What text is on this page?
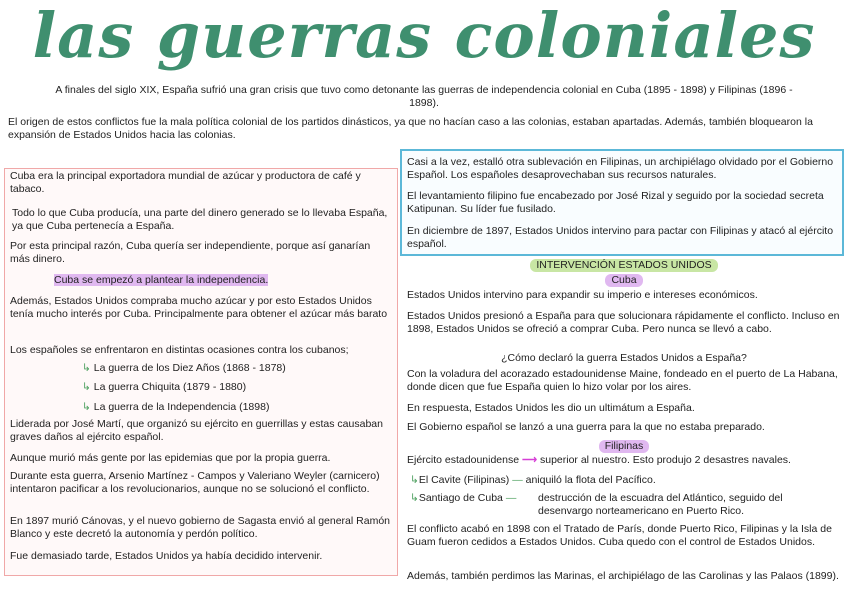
las guerras coloniales

A finales del siglo XIX, España sufrió una gran crisis que tuvo como detonante las guerras de independencia colonial en Cuba (1895 - 1898) y Filipinas (1896 - 1898).

El origen de estos conflictos fue la mala política colonial de los partidos dinásticos, ya que no hacían caso a las colonias, estaban apartadas. Además, también bloquearon la expansión de Estados Unidos hacia las colonias.

Cuba era la principal exportadora mundial de azúcar y productora de café y tabaco.

Todo lo que Cuba producía, una parte del dinero generado se lo llevaba España, ya que Cuba pertenecía a España.

Por esta principal razón, Cuba quería ser independiente, porque así ganarían más dinero.

Cuba se empezó a plantear la independencia.

Además, Estados Unidos compraba mucho azúcar y por esto Estados Unidos tenía mucho interés por Cuba. Principalmente para obtener el azúcar más barato

Los españoles se enfrentaron en distintas ocasiones contra los cubanos;

↳ La guerra de los Diez Años (1868 - 1878)

↳ La guerra Chiquita (1879 - 1880)

↳ La guerra de la Independencia (1898)

Liderada por José Martí, que organizó su ejército en guerrillas y estas causaban graves daños al ejército español.

Aunque murió más gente por las epidemias que por la propia guerra.

Durante esta guerra, Arsenio Martínez - Campos y Valeriano Weyler (carnicero) intentaron pacificar a los revolucionarios, aunque no se solucionó el conflicto.

En 1897 murió Cánovas, y el nuevo gobierno de Sagasta envió al general Ramón Blanco y este decretó la autonomía y perdón político.

Fue demasiado tarde, Estados Unidos ya había decidido intervenir.

Casi a la vez, estalló otra sublevación en Filipinas, un archipiélago olvidado por el Gobierno Español. Los españoles desaprovechaban sus recursos naturales.

El levantamiento filipino fue encabezado por José Rizal y seguido por la sociedad secreta Katipunan. Su líder fue fusilado.

En diciembre de 1897, Estados Unidos intervino para pactar con Filipinas y atacó al ejército español.

INTERVENCIÓN ESTADOS UNIDOS

Cuba

Estados Unidos intervino para expandir su imperio e intereses económicos.

Estados Unidos presionó a España para que solucionara rápidamente el conflicto. Incluso en 1898, Estados Unidos se ofreció a comprar Cuba. Pero nunca se llevó a cabo.

¿Cómo declaró la guerra Estados Unidos a España?

Con la voladura del acorazado estadounidense Maine, fondeado en el puerto de La Habana, donde dicen que fue España quien lo hizo volar por los aires.

En respuesta, Estados Unidos les dio un ultimátum a España.

El Gobierno español se lanzó a una guerra para la que no estaba preparado.

Filipinas

Ejército estadounidense ⟶ superior al nuestro. Esto produjo 2 desastres navales.

↳El Cavite (Filipinas) — aniquiló la flota del Pacífico.

↳Santiago de Cuba —	destrucción de la escuadra del Atlántico, seguido del desenvargo norteamericano en Puerto Rico.

El conflicto acabó en 1898 con el Tratado de París, donde Puerto Rico, Filipinas y la Isla de Guam fueron cedidos a Estados Unidos. Cuba quedo con el control de Estados Unidos.

Además, también perdimos las Marinas, el archipiélago de las Carolinas y las Palaos (1899).
